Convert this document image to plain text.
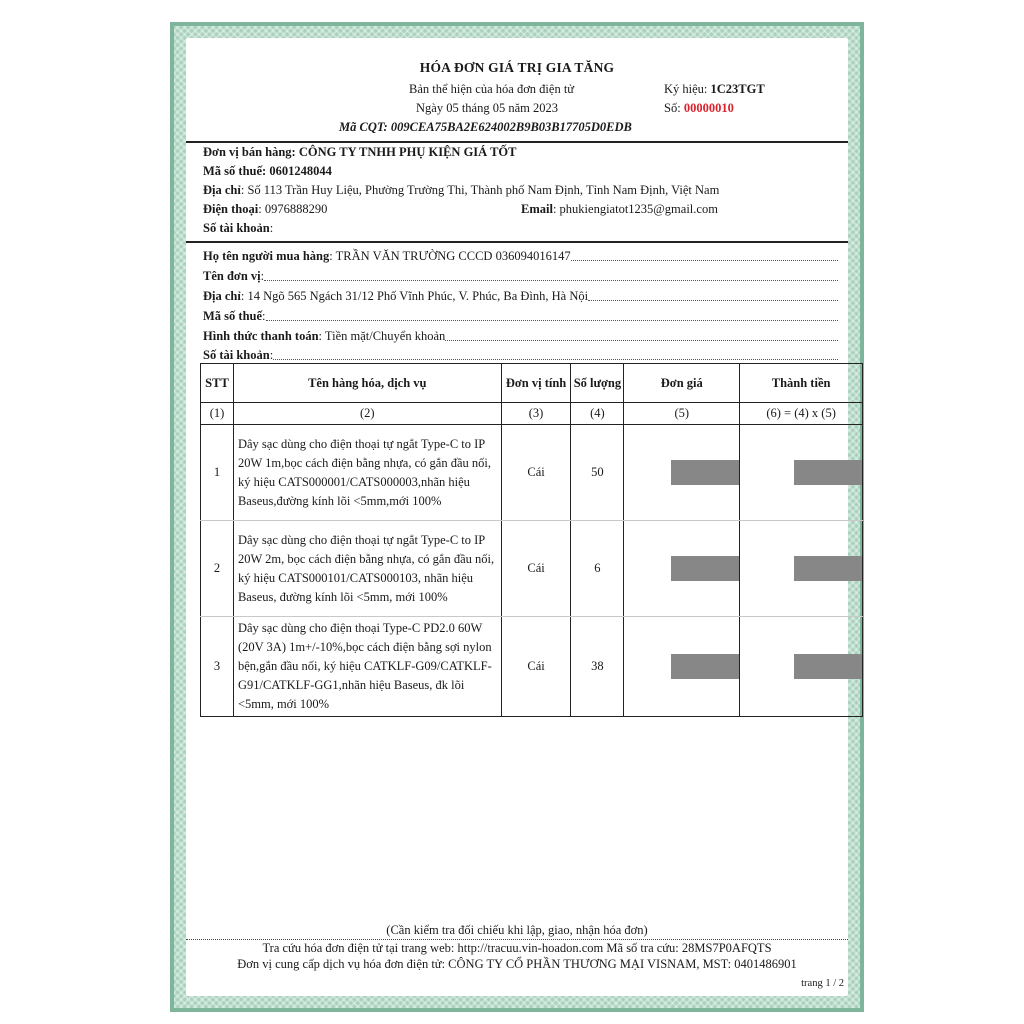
HÓA ĐƠN GIÁ TRỊ GIA TĂNG
Bản thể hiện của hóa đơn điện tử
Ngày 05 tháng 05 năm 2023
Mã CQT: 009CEA75BA2E624002B9B03B17705D0EDB
Ký hiệu: 1C23TGT
Số: 00000010
Đơn vị bán hàng: CÔNG TY TNHH PHỤ KIỆN GIÁ TỐT
Mã số thuế: 0601248044
Địa chỉ: Số 113 Trần Huy Liệu, Phường Trường Thi, Thành phố Nam Định, Tỉnh Nam Định, Việt Nam
Điện thoại: 0976888290	Email: phukiengiatot1235@gmail.com
Số tài khoản:
Họ tên người mua hàng : TRẦN VĂN TRƯỜNG CCCD 036094016147
Tên đơn vị :
Địa chỉ : 14 Ngõ 565 Ngách 31/12 Phố Vĩnh Phúc, V. Phúc, Ba Đình, Hà Nội
Mã số thuế :
Hình thức thanh toán : Tiền mặt/Chuyển khoản
Số tài khoản :
STT	Tên hàng hóa, dịch vụ	Đơn vị tính	Số lượng	Đơn giá	Thành tiền
(1)	(2)	(3)	(4)	(5)	(6) = (4) x (5)
1	Dây sạc dùng cho điện thoại tự ngắt Type-C to IP 20W 1m,bọc cách điện bằng nhựa, có gắn đầu nối, ký hiệu CATS000001/CATS000003,nhãn hiệu Baseus,đường kính lõi <5mm,mới 100%	Cái	50	

2	Dây sạc dùng cho điện thoại tự ngắt Type-C to IP 20W 2m, bọc cách điện bằng nhựa, có gắn đầu nối, ký hiệu CATS000101/CATS000103, nhãn hiệu Baseus, đường kính lõi <5mm, mới 100%	Cái	6	

3	Dây sạc dùng cho điện thoại Type-C PD2.0 60W (20V 3A) 1m+/-10%,bọc cách điện bằng sợi nylon bện,gắn đầu nối, ký hiệu CATKLF-G09/CATKLF-G91/CATKLF-GG1,nhãn hiệu Baseus, đk lõi <5mm, mới 100%	Cái	38	

(Cần kiểm tra đối chiếu khi lập, giao, nhận hóa đơn)
Tra cứu hóa đơn điện tử tại trang web: http://tracuu.vin-hoadon.com Mã số tra cứu: 28MS7P0AFQTS
Đơn vị cung cấp dịch vụ hóa đơn điện tử: CÔNG TY CỔ PHẦN THƯƠNG MẠI VISNAM, MST: 0401486901
trang 1 / 2
